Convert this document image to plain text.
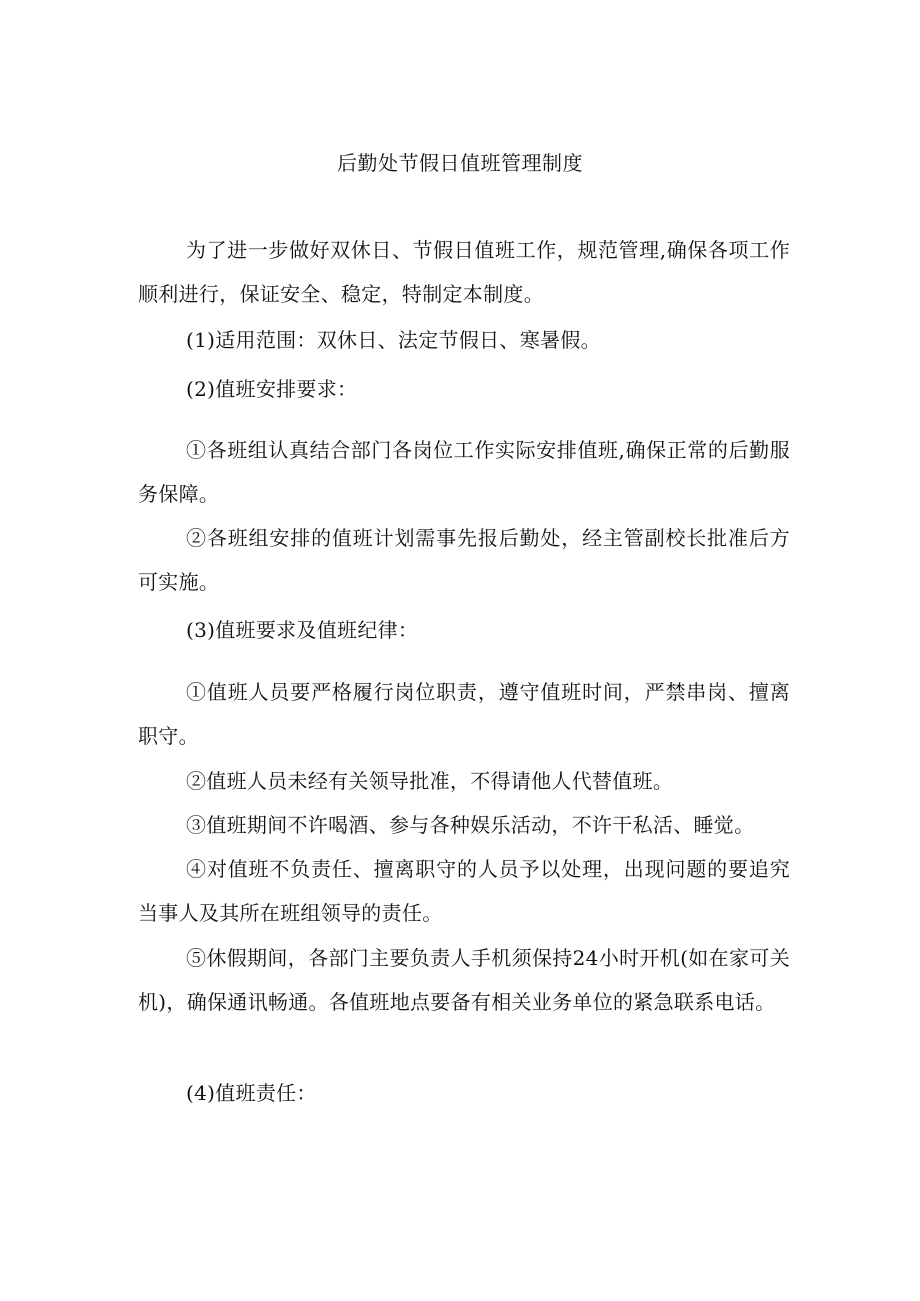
后勤处节假日值班管理制度

为了进一步做好双休日、节假日值班工作，规范管理,确保各项工作顺利进行，保证安全、稳定，特制定本制度。

(1)适用范围：双休日、法定节假日、寒暑假。

(2)值班安排要求：

①各班组认真结合部门各岗位工作实际安排值班,确保正常的后勤服务保障。

②各班组安排的值班计划需事先报后勤处，经主管副校长批准后方可实施。

(3)值班要求及值班纪律：

①值班人员要严格履行岗位职责，遵守值班时间，严禁串岗、擅离职守。

②值班人员未经有关领导批准，不得请他人代替值班。

③值班期间不许喝酒、参与各种娱乐活动，不许干私活、睡觉。

④对值班不负责任、擅离职守的人员予以处理，出现问题的要追究当事人及其所在班组领导的责任。

⑤休假期间，各部门主要负责人手机须保持24小时开机(如在家可关机)，确保通讯畅通。各值班地点要备有相关业务单位的紧急联系电话。

(4)值班责任：
